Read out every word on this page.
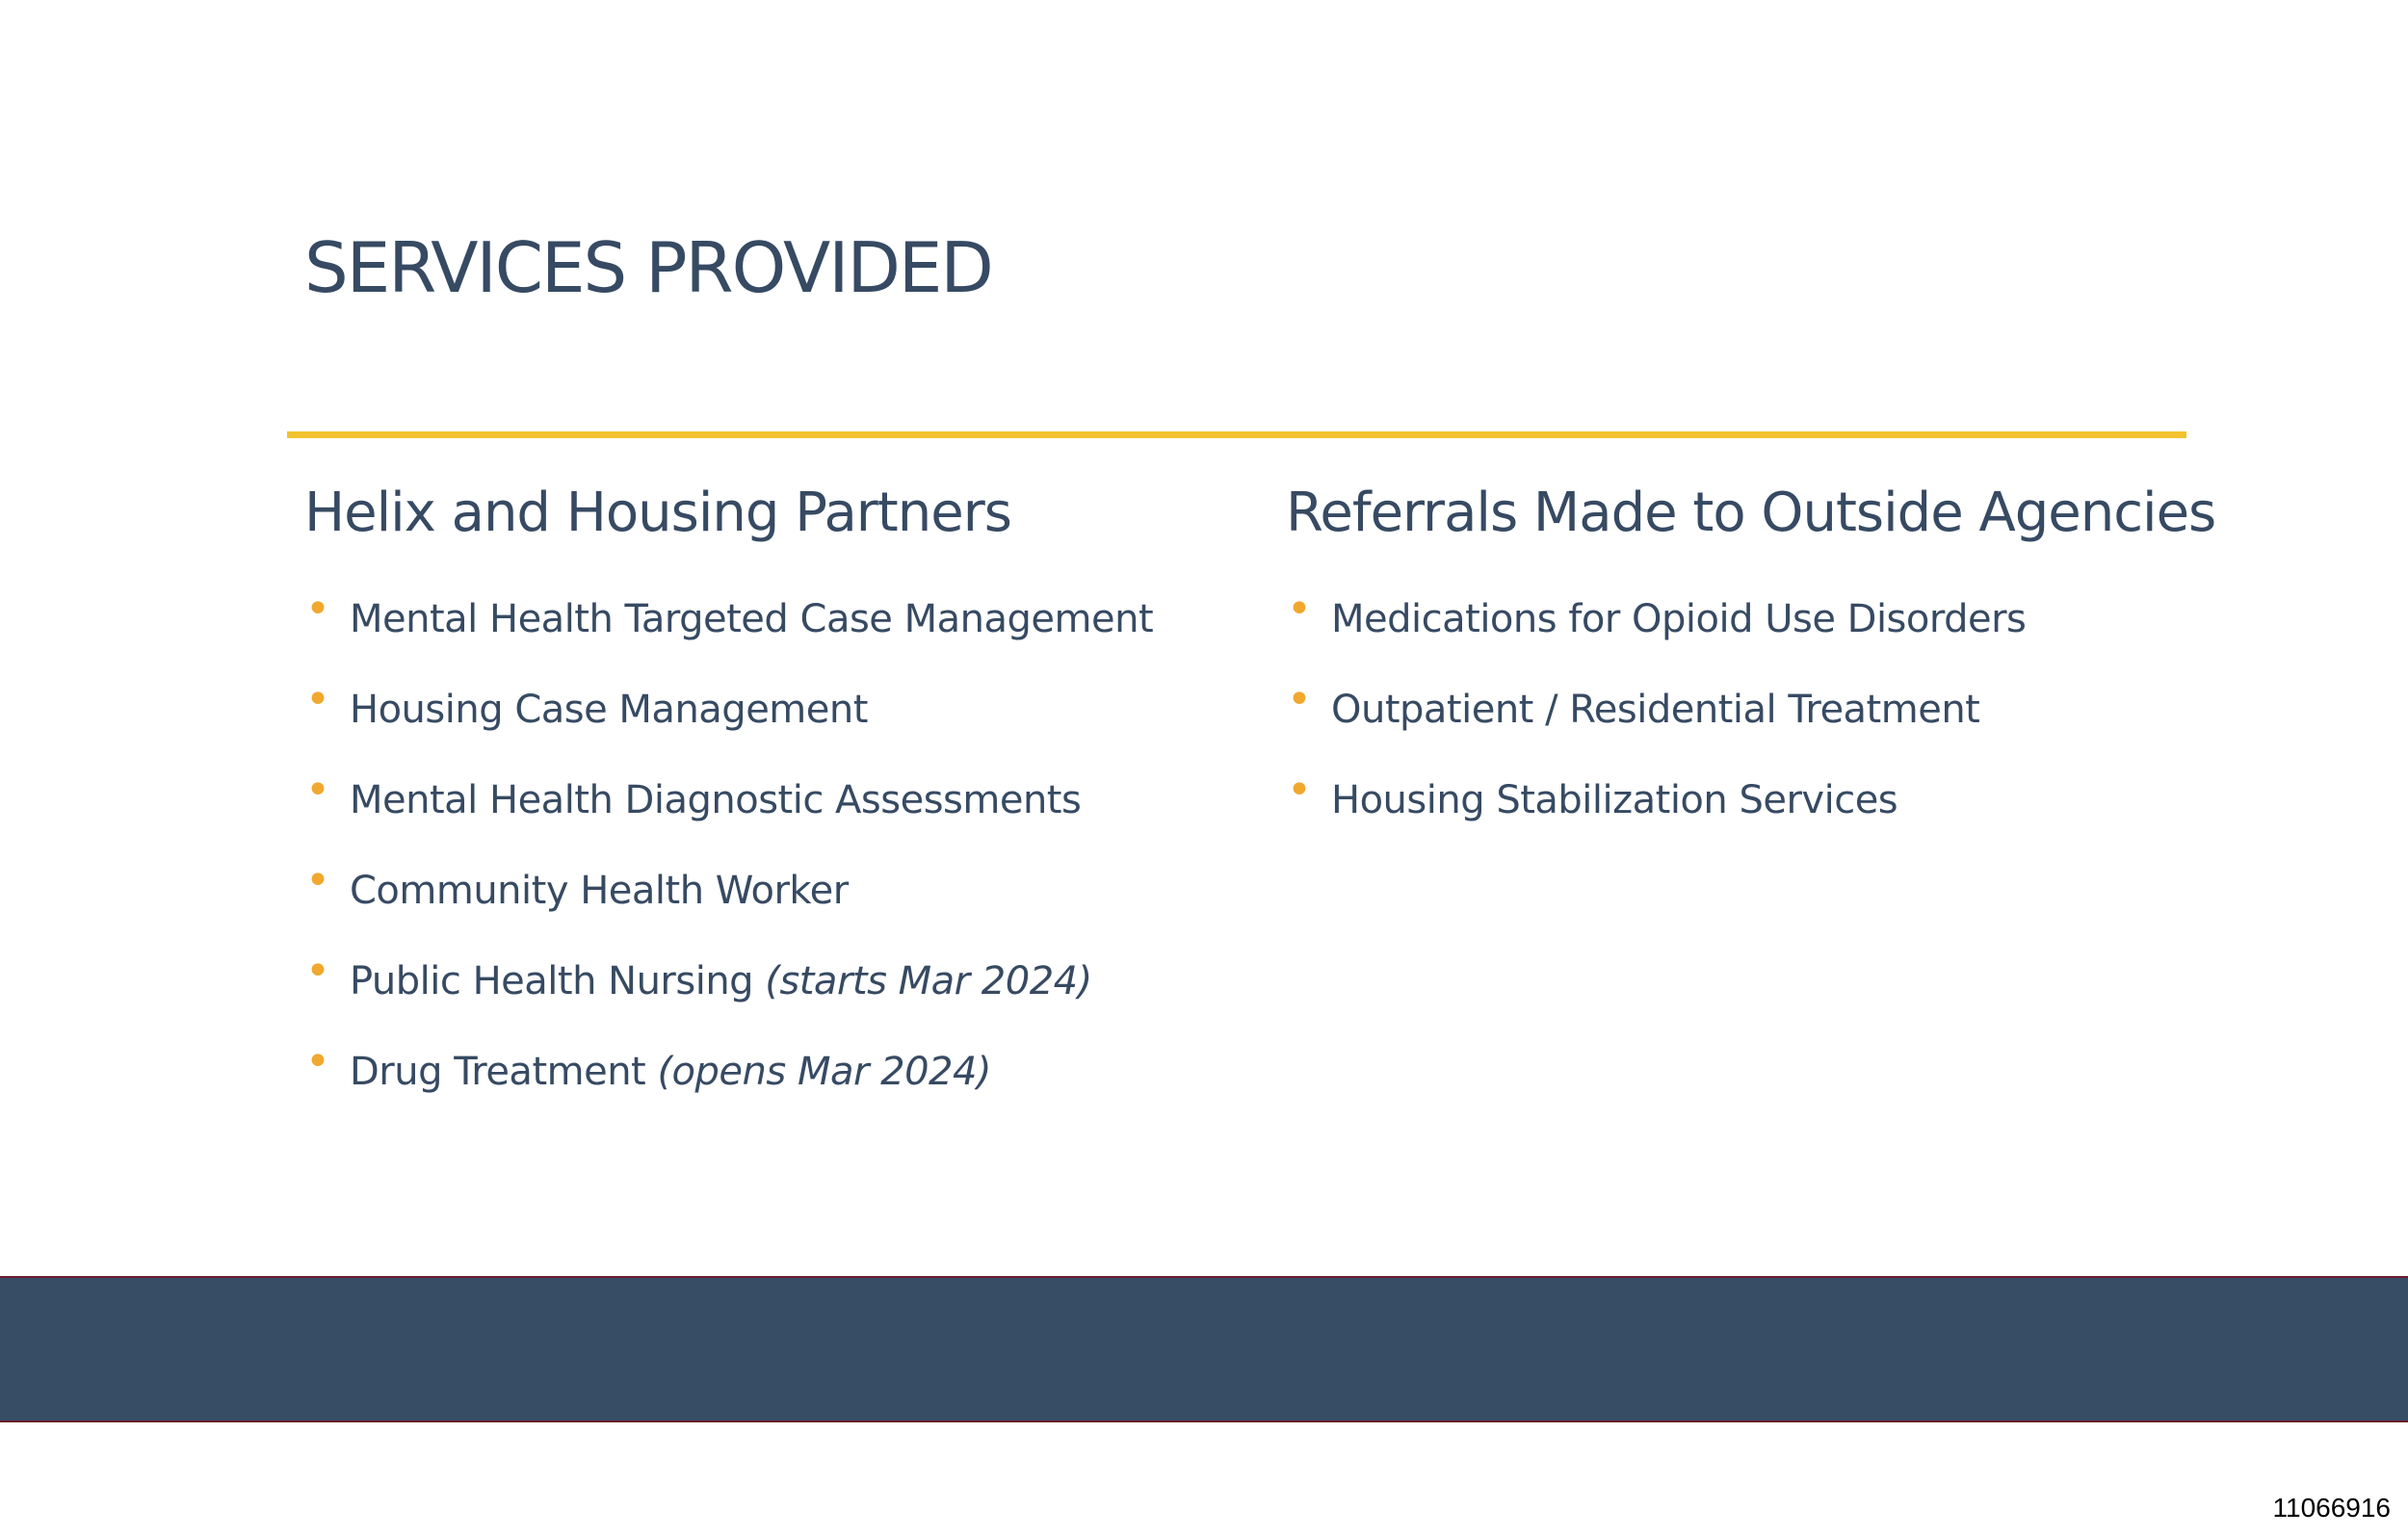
SERVICES PROVIDED
Helix and Housing Partners
• Mental Health Targeted Case Management
• Housing Case Management
• Mental Health Diagnostic Assessments
• Community Health Worker
• Public Health Nursing (starts Mar 2024)
• Drug Treatment (opens Mar 2024)
Referrals Made to Outside Agencies
• Medications for Opioid Use Disorders
• Outpatient / Residential Treatment
• Housing Stabilization Services
11066916
